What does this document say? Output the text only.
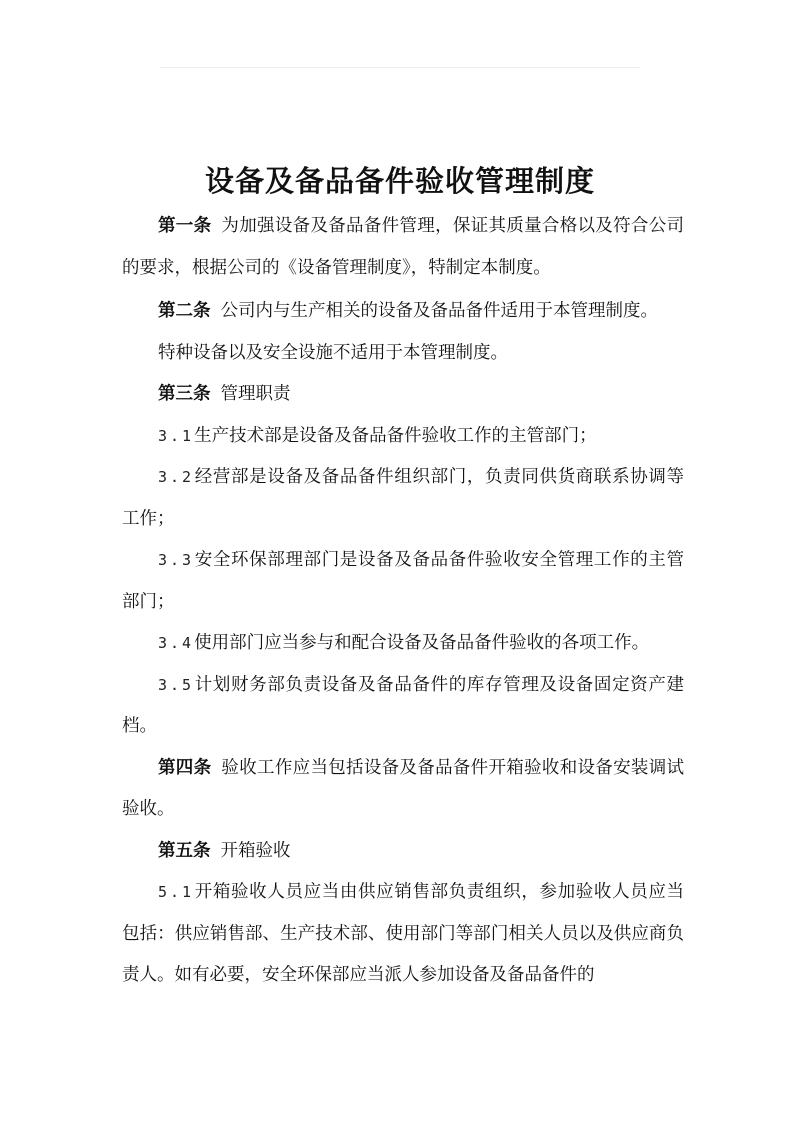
设备及备品备件验收管理制度

第一条 为加强设备及备品备件管理，保证其质量合格以及符合公司的要求，根据公司的《设备管理制度》，特制定本制度。

第二条 公司内与生产相关的设备及备品备件适用于本管理制度。

特种设备以及安全设施不适用于本管理制度。

第三条 管理职责

3.1生产技术部是设备及备品备件验收工作的主管部门；

3.2经营部是设备及备品备件组织部门，负责同供货商联系协调等工作；

3.3安全环保部理部门是设备及备品备件验收安全管理工作的主管部门；

3.4使用部门应当参与和配合设备及备品备件验收的各项工作。

3.5计划财务部负责设备及备品备件的库存管理及设备固定资产建档。

第四条 验收工作应当包括设备及备品备件开箱验收和设备安装调试验收。

第五条 开箱验收

5.1开箱验收人员应当由供应销售部负责组织，参加验收人员应当包括：供应销售部、生产技术部、使用部门等部门相关人员以及供应商负责人。如有必要，安全环保部应当派人参加设备及备品备件的
